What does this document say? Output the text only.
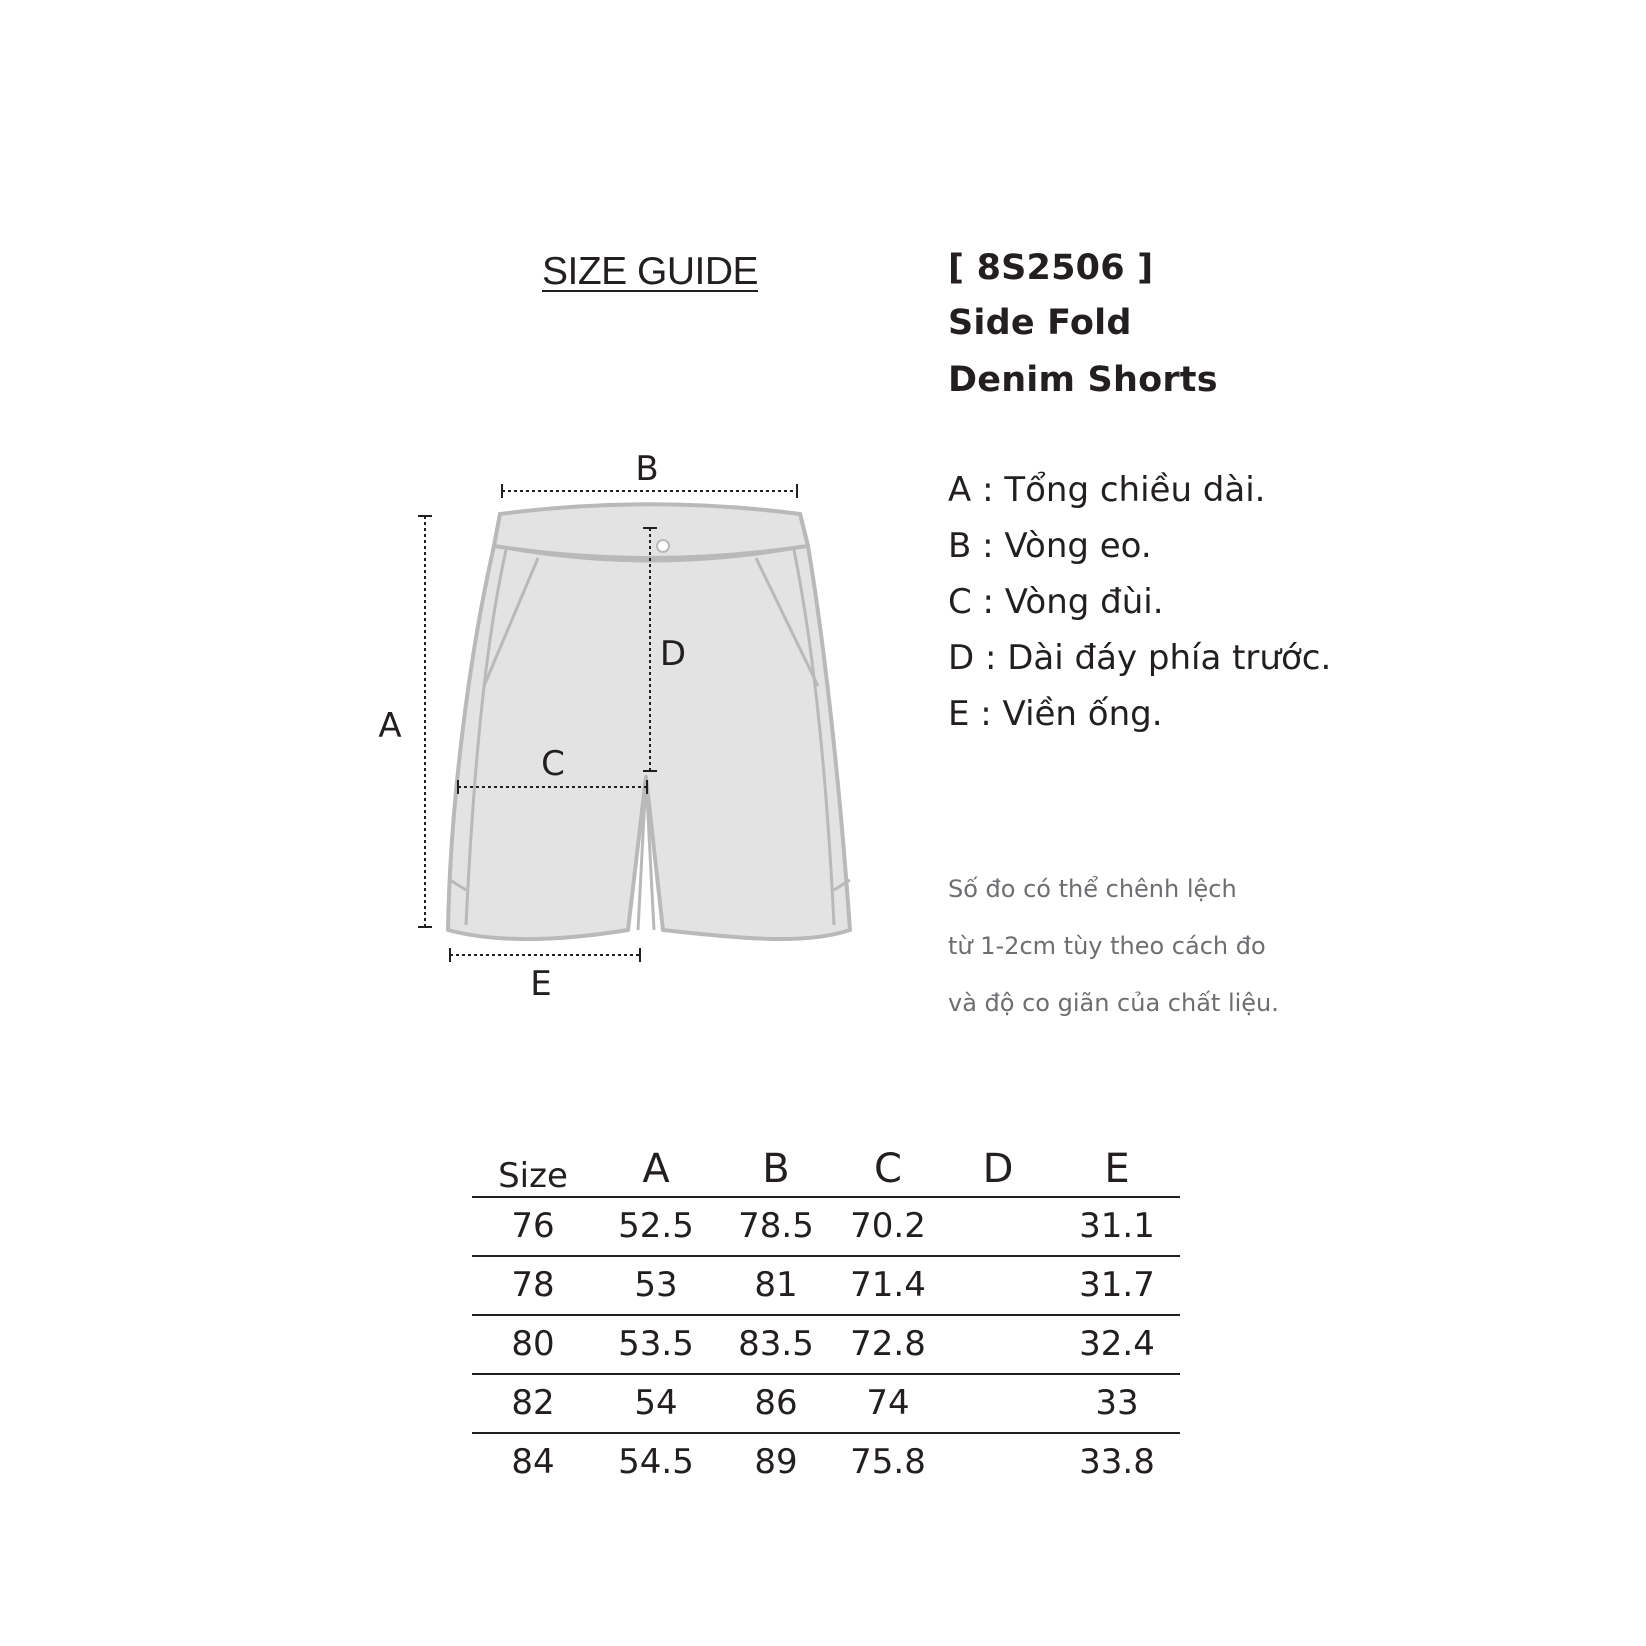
SIZE GUIDE	[ 8S2506 ]
Side Fold
Denim Shorts
A : Tổng chiều dài.
B : Vòng eo.
C : Vòng đùi.
D : Dài đáy phía trước.
E : Viền ống.
Số đo có thể chênh lệch
từ 1-2cm tùy theo cách đo
và độ co giãn của chất liệu.
B
A
D
C
E
Size	A	B	C	D	E
76	52.5	78.5	70.2		31.1
78	53	81	71.4		31.7
80	53.5	83.5	72.8		32.4
82	54	86	74		33
84	54.5	89	75.8		33.8
